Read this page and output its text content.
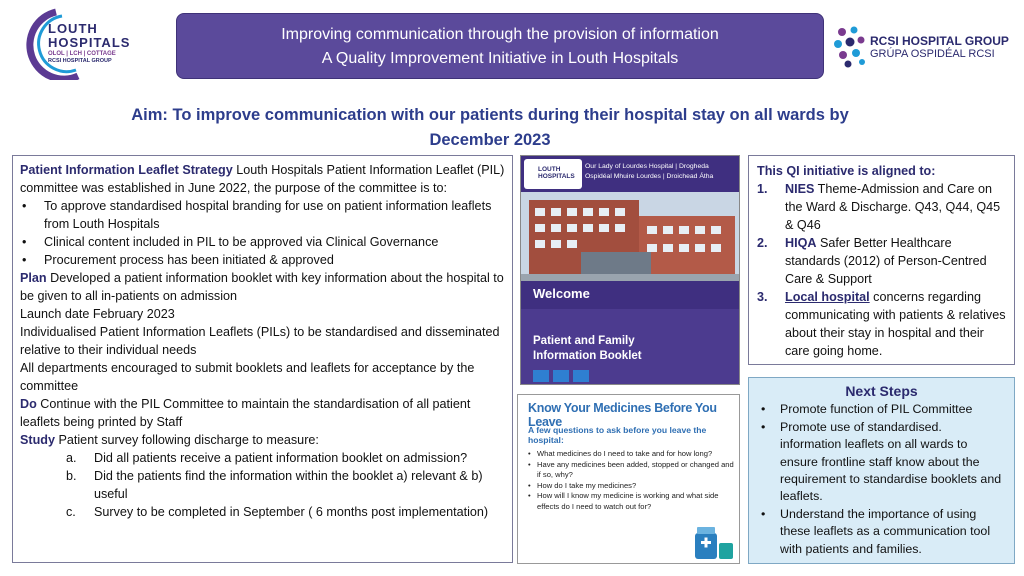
LOUTH
HOSPITALS
OLOL | LCH | COTTAGE
RCSI HOSPITAL GROUP
Improving communication through the provision of information
A Quality Improvement Initiative in Louth Hospitals
RCSI HOSPITAL GROUP
GRÚPA OSPIDÉAL RCSI
Aim: To improve communication with our patients during their hospital stay on all wards by
December 2023
Patient Information Leaflet Strategy Louth Hospitals Patient Information Leaflet (PIL) committee was established in June 2022, the purpose of the committee is to:
• To approve standardised hospital branding for use on patient information leaflets from Louth Hospitals
• Clinical content included in PIL to be approved via Clinical Governance
• Procurement process has been initiated & approved
Plan Developed a patient information booklet with key information about the hospital to be given to all in-patients on admission
Launch date February 2023
Individualised Patient Information Leaflets (PILs) to be standardised and disseminated relative to their individual needs
All departments encouraged to submit booklets and leaflets for acceptance by the committee
Do Continue with the PIL Committee to maintain the standardisation of all patient leaflets being printed by Staff
Study Patient survey following discharge to measure:
a. Did all patients receive a patient information booklet on admission?
b. Did the patients find the information within the booklet a) relevant & b) useful
c. Survey to be completed in September ( 6 months post implementation)
LOUTH
HOSPITALS
Our Lady of Lourdes Hospital | Drogheda
Ospidéal Mhuire Lourdes | Droichead Átha
Welcome
Patient and Family
Information Booklet
Know Your Medicines Before You Leave
A few questions to ask before you leave the hospital:
• What medicines do I need to take and for how long?
• Have any medicines been added, stopped or changed and if so, why?
• How do I take my medicines?
• How will I know my medicine is working and what side effects do I need to watch out for?
This QI initiative is aligned to:
1. NIES Theme-Admission and Care on the Ward & Discharge. Q43, Q44, Q45 & Q46
2. HIQA Safer Better Healthcare standards (2012) of Person-Centred Care & Support
3. Local hospital concerns regarding communicating with patients & relatives about their stay in hospital and their care going home.
Next Steps
• Promote function of PIL Committee
• Promote use of standardised. information leaflets on all wards to ensure frontline staff know about the requirement to standardise booklets and leaflets.
• Understand the importance of using these leaflets as a communication tool with patients and families.
